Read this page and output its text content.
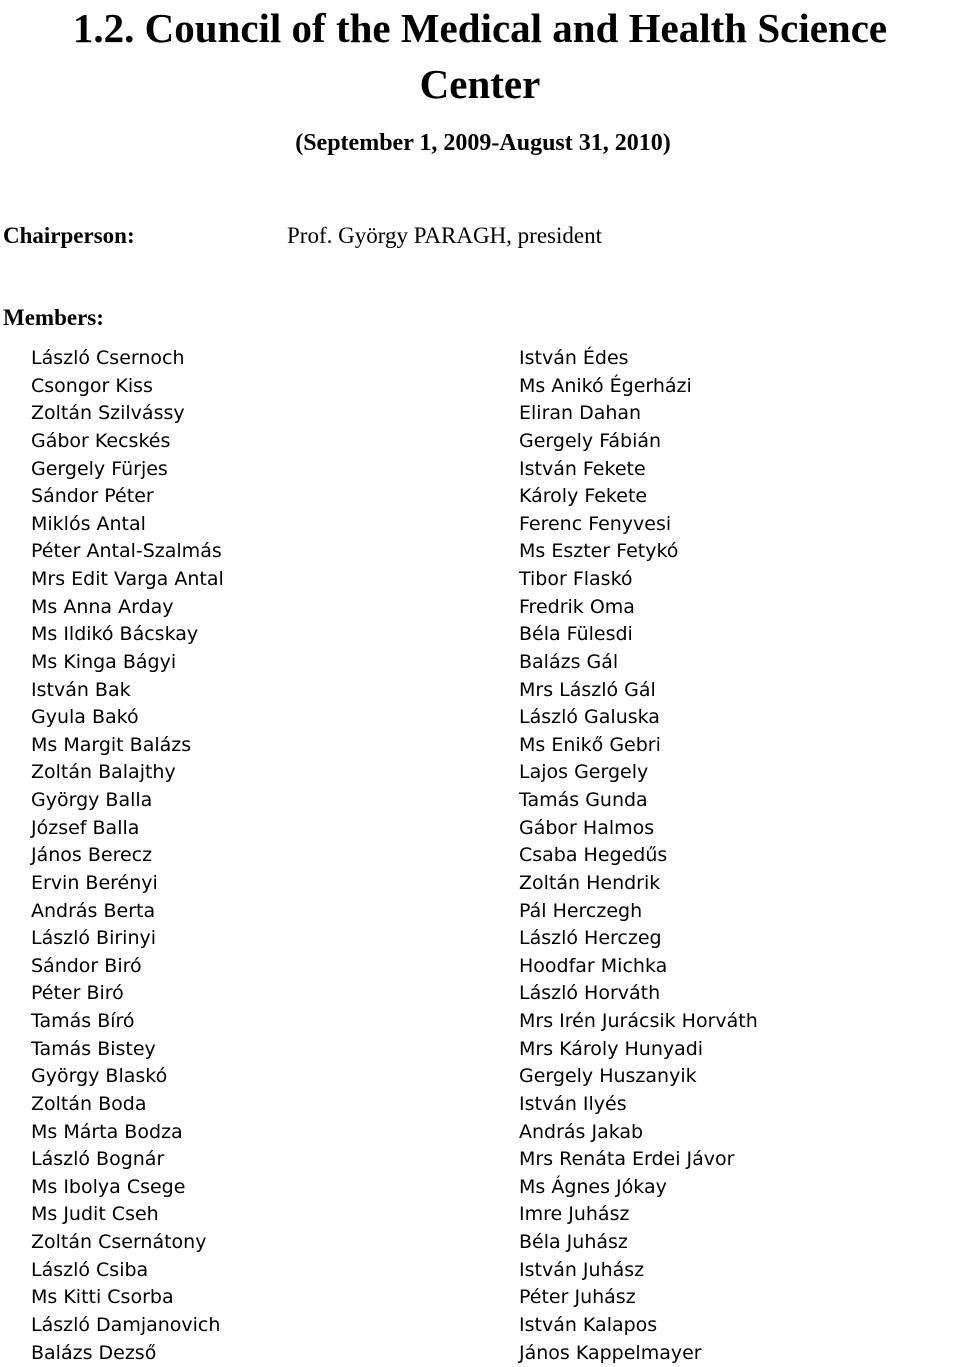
1.2. Council of the Medical and Health Science
Center
(September 1, 2009-August 31, 2010)
Chairperson:	Prof. György PARAGH, president
Members:
László Csernoch
Csongor Kiss
Zoltán Szilvássy
Gábor Kecskés
Gergely Fürjes
Sándor Péter
Miklós Antal
Péter Antal-Szalmás
Mrs Edit Varga Antal
Ms Anna Arday
Ms Ildikó Bácskay
Ms Kinga Bágyi
István Bak
Gyula Bakó
Ms Margit Balázs
Zoltán Balajthy
György Balla
József Balla
János Berecz
Ervin Berényi
András Berta
László Birinyi
Sándor Biró
Péter Biró
Tamás Bíró
Tamás Bistey
György Blaskó
Zoltán Boda
Ms Márta Bodza
László Bognár
Ms Ibolya Csege
Ms Judit Cseh
Zoltán Csernátony
László Csiba
Ms Kitti Csorba
László Damjanovich
Balázs Dezső
István Édes
Ms Anikó Égerházi
Eliran Dahan
Gergely Fábián
István Fekete
Károly Fekete
Ferenc Fenyvesi
Ms Eszter Fetykó
Tibor Flaskó
Fredrik Oma
Béla Fülesdi
Balázs Gál
Mrs László Gál
László Galuska
Ms Enikő Gebri
Lajos Gergely
Tamás Gunda
Gábor Halmos
Csaba Hegedűs
Zoltán Hendrik
Pál Herczegh
László Herczeg
Hoodfar Michka
László Horváth
Mrs Irén Jurácsik Horváth
Mrs Károly Hunyadi
Gergely Huszanyik
István Ilyés
András Jakab
Mrs Renáta Erdei Jávor
Ms Ágnes Jókay
Imre Juhász
Béla Juhász
István Juhász
Péter Juhász
István Kalapos
János Kappelmayer
